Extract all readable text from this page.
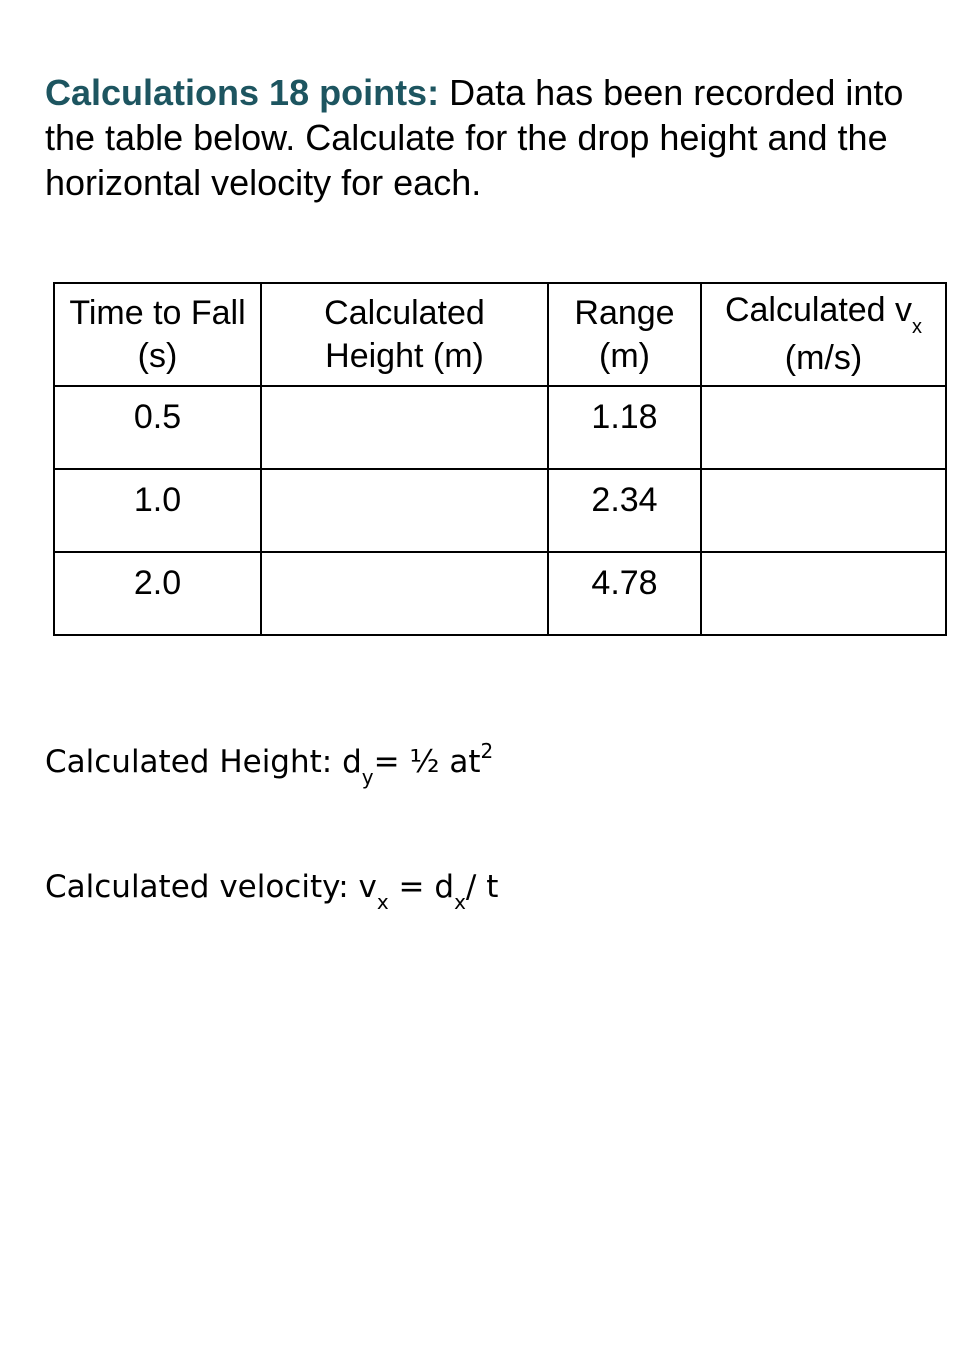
Calculations 18 points: Data has been recorded into the table below. Calculate for the drop height and the horizontal velocity for each.

Time to Fall (s)	Calculated Height (m)	Range (m)	Calculated $v_x$
(m/s)
0.5		1.18	
1.0		2.34	
2.0		4.78	

Calculated Height: $d_y=$ ½ $at^2$

Calculated velocity: $v_x = d_x/$ t
